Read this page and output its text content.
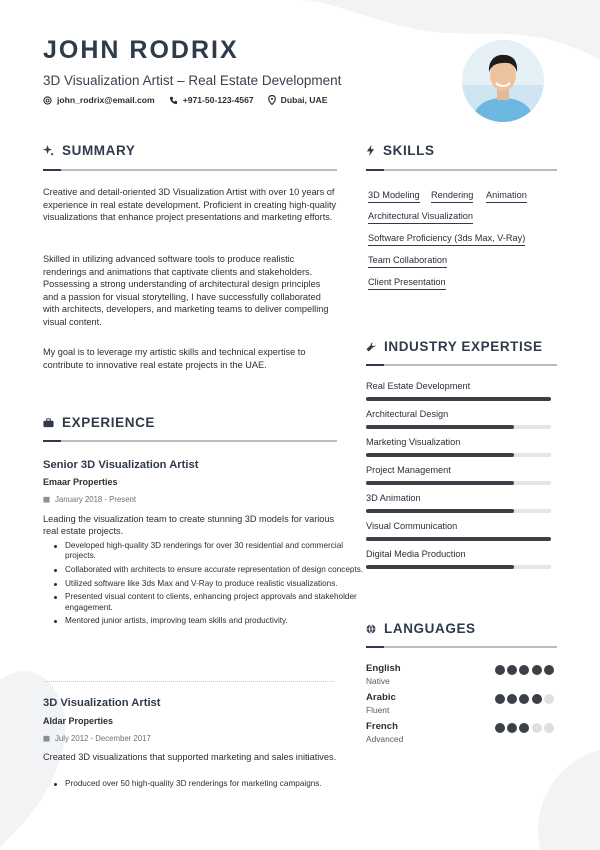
JOHN RODRIX
3D Visualization Artist – Real Estate Development
john_rodrix@email.com	+971-50-123-4567	Dubai, UAE
SUMMARY

Creative and detail-oriented 3D Visualization Artist with over 10 years of experience in real estate development. Proficient in creating high-quality visualizations that enhance project presentations and marketing efforts.

Skilled in utilizing advanced software tools to produce realistic renderings and animations that captivate clients and stakeholders. Possessing a strong understanding of architectural design principles and a passion for visual storytelling, I have successfully collaborated with architects, developers, and marketing teams to deliver compelling visual content.

My goal is to leverage my artistic skills and technical expertise to contribute to innovative real estate projects in the UAE.

EXPERIENCE
Senior 3D Visualization Artist
Emaar Properties
January 2018 - Present
Leading the visualization team to create stunning 3D models for various real estate projects.
Developed high-quality 3D renderings for over 30 residential and commercial projects.
Collaborated with architects to ensure accurate representation of design concepts.
Utilized software like 3ds Max and V-Ray to produce realistic visualizations.
Presented visual content to clients, enhancing project approvals and stakeholder engagement.
Mentored junior artists, improving team skills and productivity.
3D Visualization Artist
Aldar Properties
July 2012 - December 2017
Created 3D visualizations that supported marketing and sales initiatives.
Produced over 50 high-quality 3D renderings for marketing campaigns.
SKILLS
3D Modeling Rendering Animation
Architectural Visualization
Software Proficiency (3ds Max, V-Ray)
Team Collaboration
Client Presentation
INDUSTRY EXPERTISE
Real Estate Development
Architectural Design
Marketing Visualization
Project Management
3D Animation
Visual Communication
Digital Media Production
LANGUAGES
English
Native
Arabic
Fluent
French
Advanced
